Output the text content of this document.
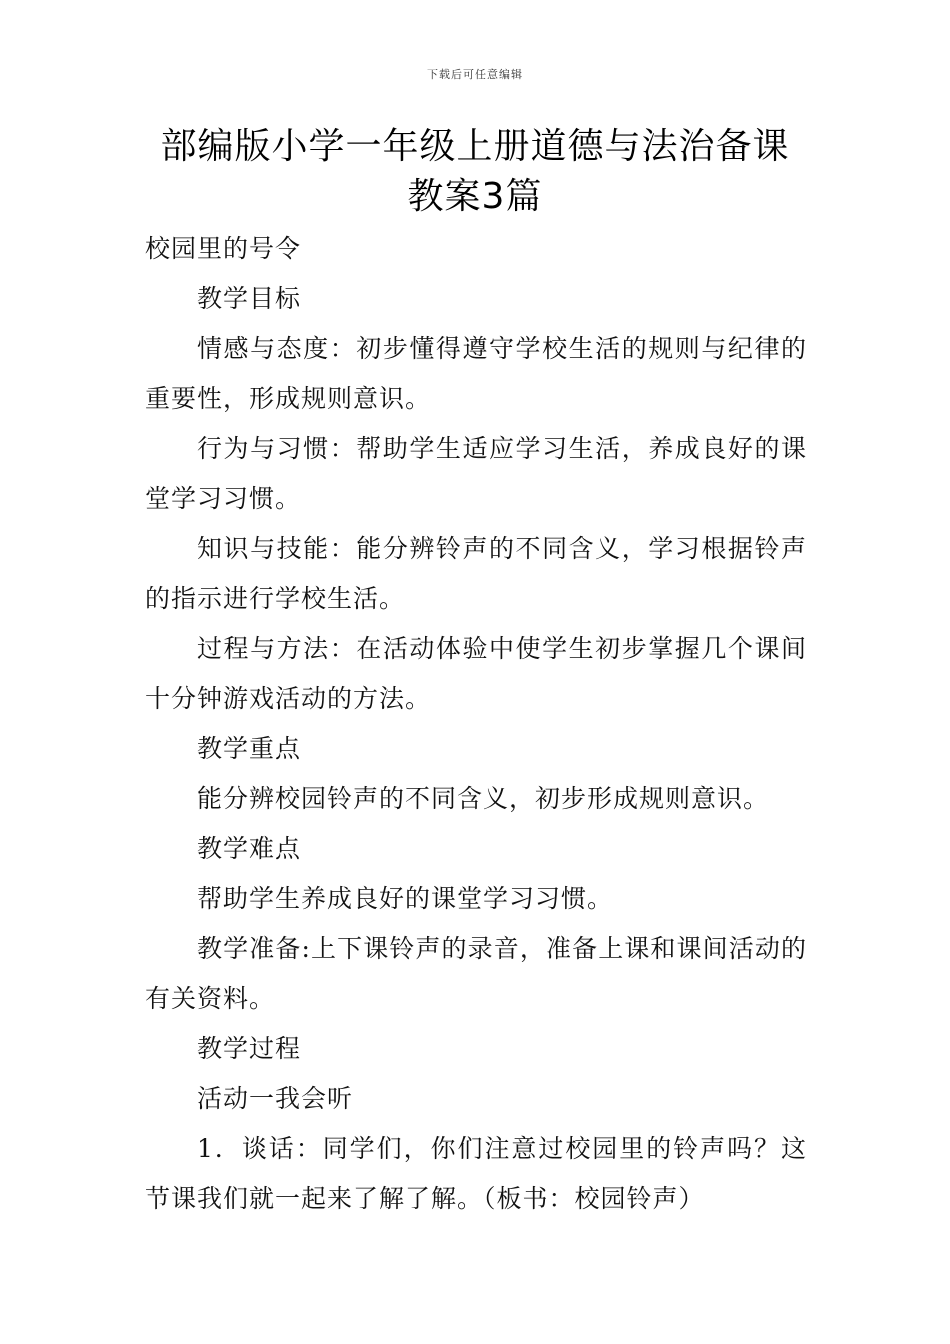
下载后可任意编辑
部编版小学一年级上册道德与法治备课教案3篇

校园里的号令

教学目标

情感与态度：初步懂得遵守学校生活的规则与纪律的重要性，形成规则意识。

行为与习惯：帮助学生适应学习生活，养成良好的课堂学习习惯。

知识与技能：能分辨铃声的不同含义，学习根据铃声的指示进行学校生活。

过程与方法：在活动体验中使学生初步掌握几个课间十分钟游戏活动的方法。

教学重点

能分辨校园铃声的不同含义，初步形成规则意识。

教学难点

帮助学生养成良好的课堂学习习惯。

教学准备:上下课铃声的录音，准备上课和课间活动的有关资料。

教学过程

活动一我会听

1．谈话：同学们，你们注意过校园里的铃声吗？这节课我们就一起来了解了解。（板书：校园铃声）
